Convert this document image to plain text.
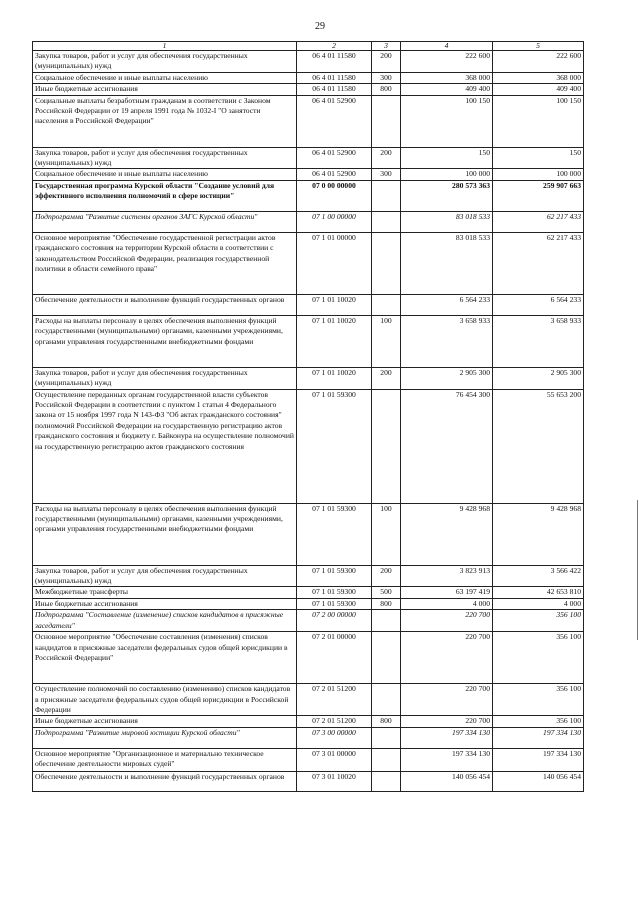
29
1	2	3	4	5
Закупка товаров, работ и услуг для обеспечения государственных (муниципальных) нужд	06 4 01 11580	200	222 600	222 600
Социальное обеспечение и иные выплаты населению	06 4 01 11580	300	368 000	368 000
Иные бюджетные ассигнования	06 4 01 11580	800	409 400	409 400
Социальные выплаты безработным гражданам в соответствии с Законом Российской Федерации от 19 апреля 1991 года № 1032-I "О занятости населения в Российской Федерации"	06 4 01 52900		100 150	100 150
Закупка товаров, работ и услуг для обеспечения государственных (муниципальных) нужд	06 4 01 52900	200	150	150
Социальное обеспечение и иные выплаты населению	06 4 01 52900	300	100 000	100 000
Государственная программа Курской области "Создание условий для эффективного исполнения полномочий в сфере юстиции"	07 0 00 00000		280 573 363	259 907 663
Подпрограмма "Развитие системы органов ЗАГС Курской области"	07 1 00 00000		83 018 533	62 217 433
Основное мероприятие "Обеспечение государственной регистрации актов гражданского состояния на территории Курской области в соответствии с законодательством Российской Федерации, реализация государственной политики в области семейного права"	07 1 01 00000		83 018 533	62 217 433
Обеспечение деятельности и выполнение функций государственных органов	07 1 01 10020		6 564 233	6 564 233
Расходы на выплаты персоналу в целях обеспечения выполнения функций государственными (муниципальными) органами, казенными учреждениями, органами управления государственными внебюджетными фондами	07 1 01 10020	100	3 658 933	3 658 933
Закупка товаров, работ и услуг для обеспечения государственных (муниципальных) нужд	07 1 01 10020	200	2 905 300	2 905 300
Осуществление переданных органам государственной власти субъектов Российской Федерации в соответствии с пунктом 1 статьи 4 Федерального закона от 15 ноября 1997 года N 143-ФЗ "Об актах гражданского состояния" полномочий Российской Федерации на государственную регистрацию актов гражданского состояния и бюджету г. Байконура на осуществление полномочий на государственную регистрацию актов гражданского состояния	07 1 01 59300		76 454 300	55 653 200
Расходы на выплаты персоналу в целях обеспечения выполнения функций государственными (муниципальными) органами, казенными учреждениями, органами управления государственными внебюджетными фондами	07 1 01 59300	100	9 428 968	9 428 968
Закупка товаров, работ и услуг для обеспечения государственных (муниципальных) нужд	07 1 01 59300	200	3 823 913	3 566 422
Межбюджетные трансферты	07 1 01 59300	500	63 197 419	42 653 810
Иные бюджетные ассигнования	07 1 01 59300	800	4 000	4 000
Подпрограмма "Составление (изменение) списков кандидатов в присяжные заседатели"	07 2 00 00000		220 700	356 100
Основное мероприятие "Обеспечение составления (изменения) списков кандидатов в присяжные заседатели федеральных судов общей юрисдикции в Российской Федерации"	07 2 01 00000		220 700	356 100
Осуществление полномочий по составлению (изменению) списков кандидатов в присяжные заседатели федеральных судов общей юрисдикции в Российской Федерации	07 2 01 51200		220 700	356 100
Иные бюджетные ассигнования	07 2 01 51200	800	220 700	356 100
Подпрограмма "Развитие мировой юстиции Курской области"	07 3 00 00000		197 334 130	197 334 130
Основное мероприятие "Организационное и материально техническое обеспечение деятельности мировых судей"	07 3 01 00000		197 334 130	197 334 130
Обеспечение деятельности и выполнение функций государственных органов	07 3 01 10020		140 056 454	140 056 454
